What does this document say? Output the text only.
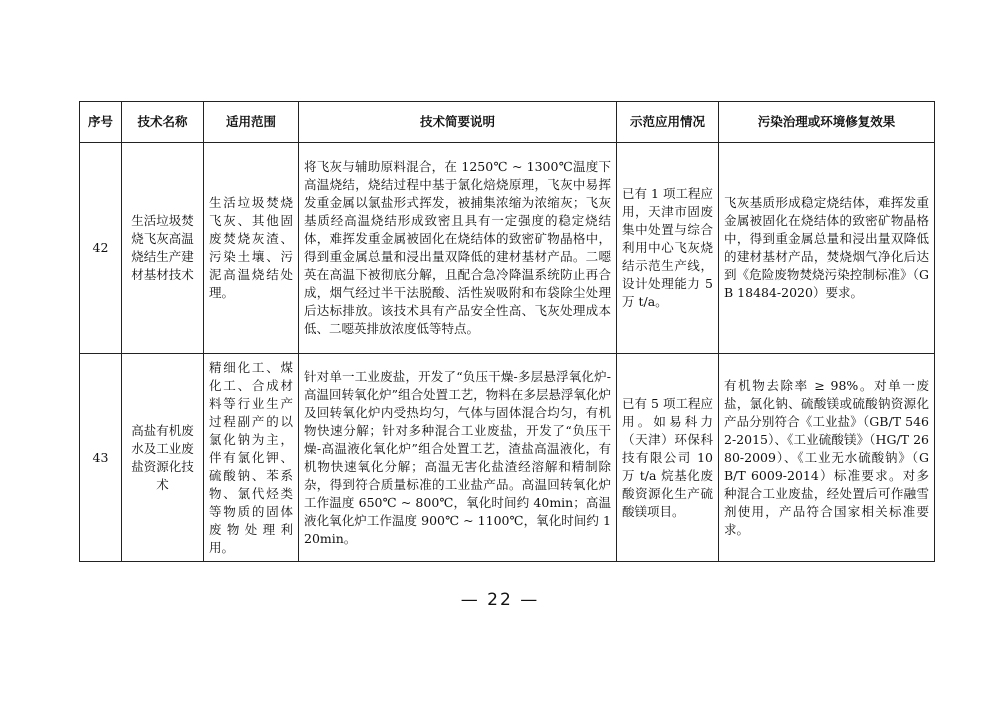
序号	技术名称	适用范围	技术简要说明	示范应用情况	污染治理或环境修复效果
42	生活垃圾焚烧飞灰高温烧结生产建材基材技术	生活垃圾焚烧飞灰、其他固废焚烧灰渣、污染土壤、污泥高温烧结处理。	将飞灰与辅助原料混合，在 1250℃ ~ 1300℃温度下高温烧结，烧结过程中基于氯化焙烧原理，飞灰中易挥发重金属以氯盐形式挥发，被捕集浓缩为浓缩灰；飞灰基质经高温烧结形成致密且具有一定强度的稳定烧结体，难挥发重金属被固化在烧结体的致密矿物晶格中，得到重金属总量和浸出量双降低的建材基材产品。二噁英在高温下被彻底分解，且配合急冷降温系统防止再合成，烟气经过半干法脱酸、活性炭吸附和布袋除尘处理后达标排放。该技术具有产品安全性高、飞灰处理成本低、二噁英排放浓度低等特点。	已有 1 项工程应用，天津市固废集中处置与综合利用中心飞灰烧结示范生产线，设计处理能力 5 万 t/a。	飞灰基质形成稳定烧结体，难挥发重金属被固化在烧结体的致密矿物晶格中，得到重金属总量和浸出量双降低的建材基材产品，焚烧烟气净化后达到《危险废物焚烧污染控制标准》（GB 18484-2020）要求。
43	高盐有机废水及工业废盐资源化技术	精细化工、煤化工、合成材料等行业生产过程副产的以氯化钠为主，伴有氯化钾、硫酸钠、苯系物、氯代烃类等物质的固体废物处理利用。	针对单一工业废盐，开发了“负压干燥-多层悬浮氧化炉-高温回转氧化炉”组合处置工艺，物料在多层悬浮氧化炉及回转氧化炉内受热均匀，气体与固体混合均匀，有机物快速分解；针对多种混合工业废盐，开发了“负压干燥-高温液化氧化炉”组合处置工艺，渣盐高温液化，有机物快速氧化分解；高温无害化盐渣经溶解和精制除杂，得到符合质量标准的工业盐产品。高温回转氧化炉工作温度 650℃ ~ 800℃，氧化时间约 40min；高温液化氧化炉工作温度 900℃ ~ 1100℃，氧化时间约 120min。	已有 5 项工程应用。如易科力（天津）环保科技有限公司 10 万 t/a 烷基化废酸资源化生产硫酸镁项目。	有机物去除率 ≥ 98%。对单一废盐，氯化钠、硫酸镁或硫酸钠资源化产品分别符合《工业盐》（GB/T 5462-2015）、《工业硫酸镁》（HG/T 2680-2009）、《工业无水硫酸钠》（GB/T 6009-2014）标准要求。对多种混合工业废盐，经处置后可作融雪剂使用，产品符合国家相关标准要求。
— 22 —
